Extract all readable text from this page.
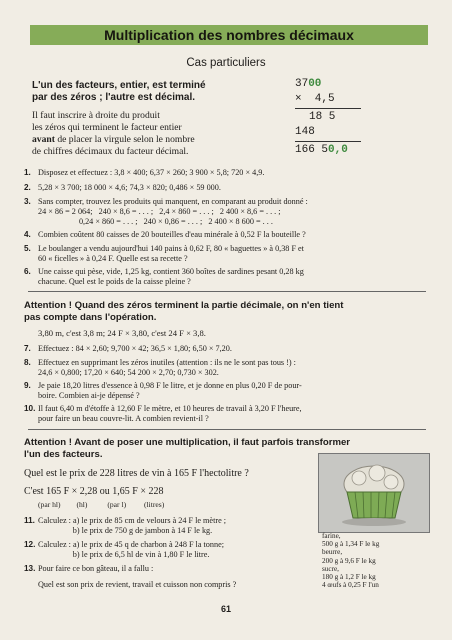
Multiplication des nombres décimaux
Cas particuliers
L'un des facteurs, entier, est terminé
par des zéros ; l'autre est décimal.
Il faut inscrire à droite du produit
les zéros qui terminent le facteur entier
avant de placer la virgule selon le nombre
de chiffres décimaux du facteur décimal.
3700
×  4,5
18 5
148
166 50,0
1. Disposez et effectuez : 3,8 × 400; 6,37 × 260; 3 900 × 5,8; 720 × 4,9.
2. 5,28 × 3 700; 18 000 × 4,6; 74,3 × 820; 0,486 × 59 000.
3. Sans compter, trouvez les produits qui manquent, en comparant au produit donné :
24 × 86 = 2 064;   240 × 8,6 = . . . ;   2,4 × 860 = . . . ;   2 400 × 8,6 = . . . ;
0,24 × 860 = . . . ;   240 × 0,86 = . . . ;   2 400 × 8 600 = . . .
4. Combien coûtent 80 caisses de 20 bouteilles d'eau minérale à 0,52 F la bouteille ?
5. Le boulanger a vendu aujourd'hui 140 pains à 0,62 F, 80 « baguettes » à 0,38 F et
60 « ficelles » à 0,24 F. Quelle est sa recette ?
6. Une caisse qui pèse, vide, 1,25 kg, contient 360 boîtes de sardines pesant 0,28 kg
chacune. Quel est le poids de la caisse pleine ?
Attention ! Quand des zéros terminent la partie décimale, on n'en tient
pas compte dans l'opération.
3,80 m, c'est 3,8 m; 24 F × 3,80, c'est 24 F × 3,8.
7. Effectuez : 84 × 2,60; 9,700 × 42; 36,5 × 1,80; 6,50 × 7,20.
8. Effectuez en supprimant les zéros inutiles (attention : ils ne le sont pas tous !) :
24,6 × 0,800; 17,20 × 640; 54 200 × 2,70; 0,730 × 302.
9. Je paie 18,20 litres d'essence à 0,98 F le litre, et je donne en plus 0,20 F de pour-
boire. Combien ai-je dépensé ?
10. Il faut 6,40 m d'étoffe à 12,60 F le mètre, et 10 heures de travail à 3,20 F l'heure,
pour faire un beau couvre-lit. A combien revient-il ?
Attention ! Avant de poser une multiplication, il faut parfois transformer
l'un des facteurs.
Quel est le prix de 228 litres de vin à 165 F l'hectolitre ?
C'est 165 F × 2,28 ou 1,65 F × 228
(par hl) (hl)	(par l) (litres)
11. Calculez : a) le prix de 85 cm de velours à 24 F le mètre ;
b) le prix de 750 g de jambon à 14 F le kg.
12. Calculez : a) le prix de 45 q de charbon à 248 F la tonne;
b) le prix de 6,5 hl de vin à 1,80 F le litre.
13. Pour faire ce bon gâteau, il a fallu :
Quel est son prix de revient, travail et cuisson non compris ?
farine,
500 g à 1,34 F le kg
beurre,
200 g à 9,6 F le kg
sucre,
180 g à 1,2 F le kg
4 œufs à 0,25 F l'un
61
